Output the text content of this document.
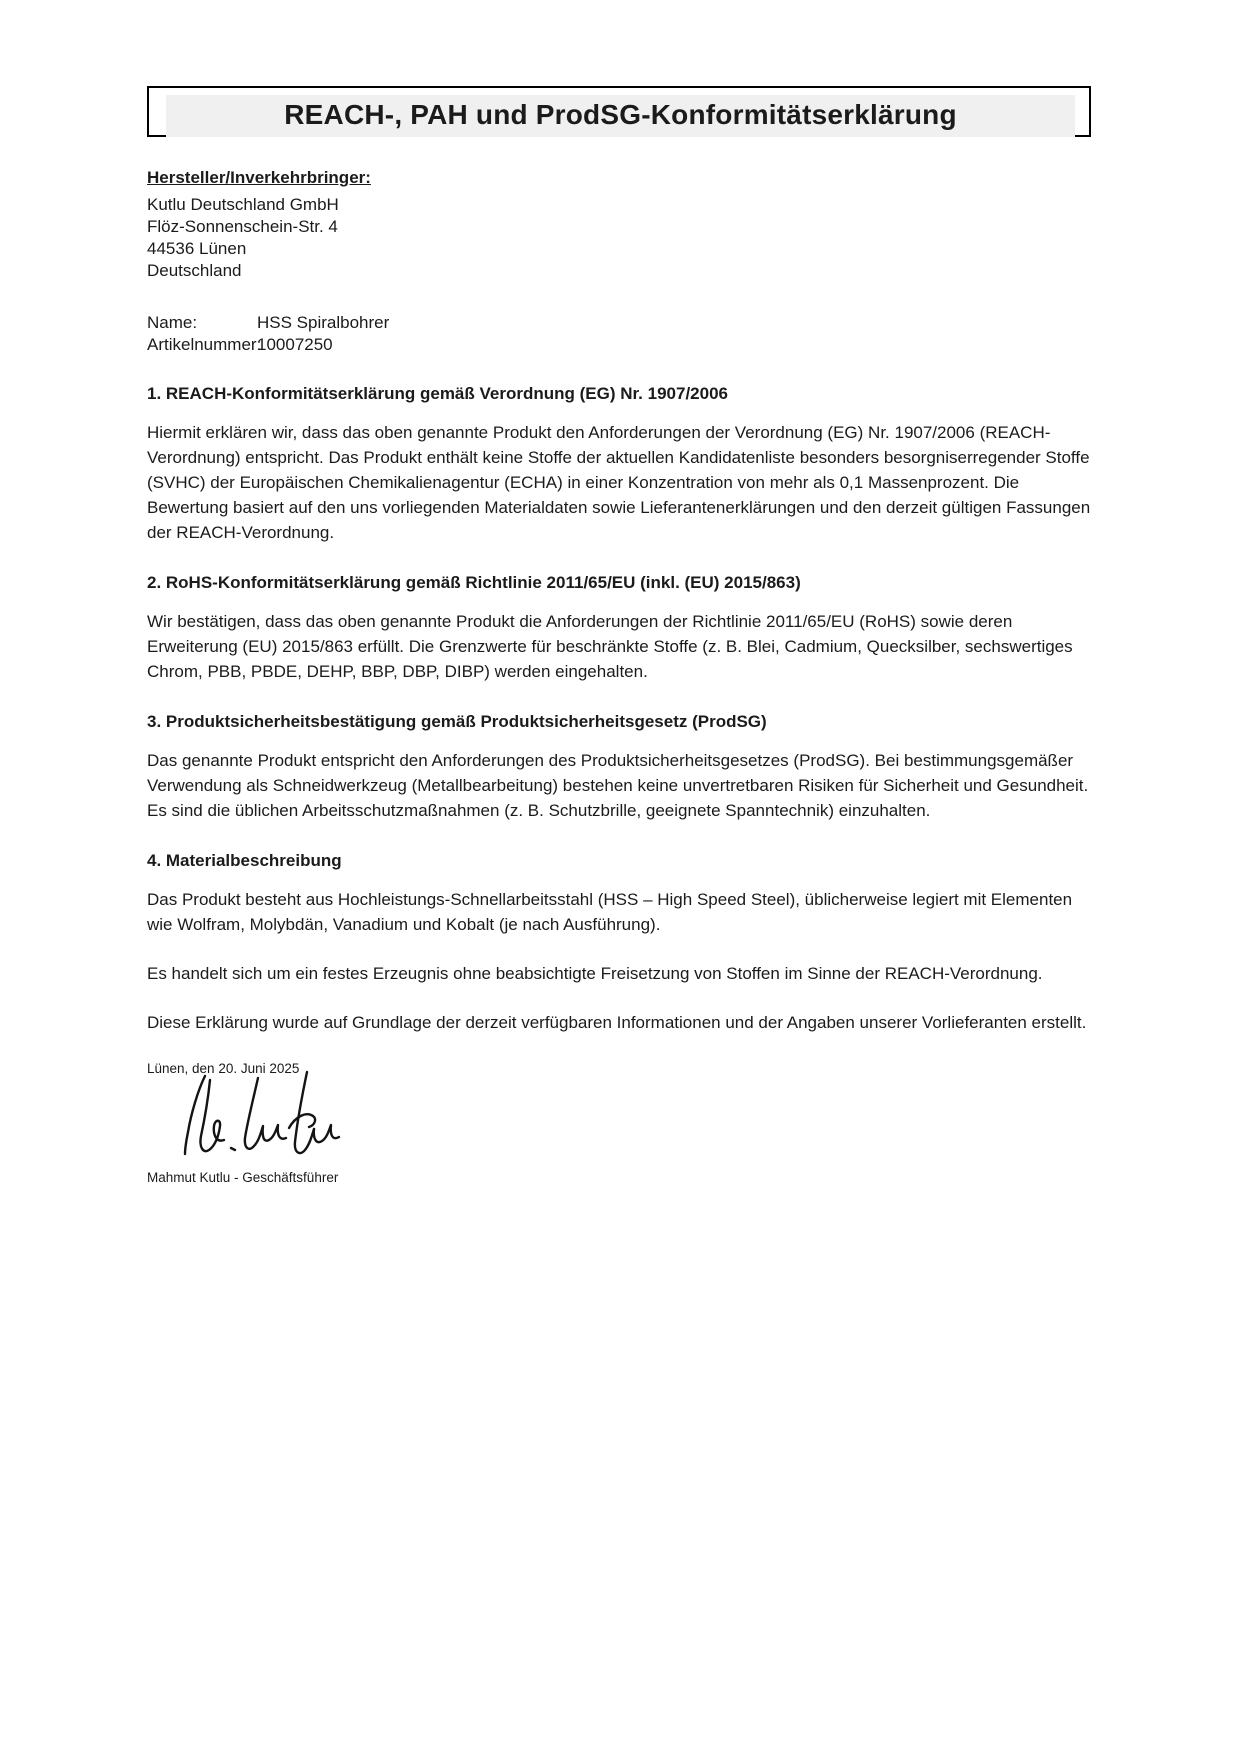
REACH-, PAH und ProdSG-Konformitätserklärung
Hersteller/Inverkehrbringer:
Kutlu Deutschland GmbH
Flöz-Sonnenschein-Str. 4
44536 Lünen
Deutschland
Name:	HSS Spiralbohrer
Artikelnummer:
10007250
1. REACH-Konformitätserklärung gemäß Verordnung (EG) Nr. 1907/2006

Hiermit erklären wir, dass das oben genannte Produkt den Anforderungen der Verordnung (EG) Nr. 1907/2006 (REACH-Verordnung) entspricht. Das Produkt enthält keine Stoffe der aktuellen Kandidatenliste besonders besorgniserregender Stoffe (SVHC) der Europäischen Chemikalienagentur (ECHA) in einer Konzentration von mehr als 0,1 Massenprozent. Die Bewertung basiert auf den uns vorliegenden Materialdaten sowie Lieferantenerklärungen und den derzeit gültigen Fassungen der REACH-Verordnung.

2. RoHS-Konformitätserklärung gemäß Richtlinie 2011/65/EU (inkl. (EU) 2015/863)

Wir bestätigen, dass das oben genannte Produkt die Anforderungen der Richtlinie 2011/65/EU (RoHS) sowie deren Erweiterung (EU) 2015/863 erfüllt. Die Grenzwerte für beschränkte Stoffe (z. B. Blei, Cadmium, Quecksilber, sechswertiges Chrom, PBB, PBDE, DEHP, BBP, DBP, DIBP) werden eingehalten.

3. Produktsicherheitsbestätigung gemäß Produktsicherheitsgesetz (ProdSG)

Das genannte Produkt entspricht den Anforderungen des Produktsicherheitsgesetzes (ProdSG). Bei bestimmungsgemäßer Verwendung als Schneidwerkzeug (Metallbearbeitung) bestehen keine unvertretbaren Risiken für Sicherheit und Gesundheit. Es sind die üblichen Arbeitsschutzmaßnahmen (z. B. Schutzbrille, geeignete Spanntechnik) einzuhalten.

4. Materialbeschreibung

Das Produkt besteht aus Hochleistungs-Schnellarbeitsstahl (HSS – High Speed Steel), üblicherweise legiert mit Elementen wie Wolfram, Molybdän, Vanadium und Kobalt (je nach Ausführung).

Es handelt sich um ein festes Erzeugnis ohne beabsichtigte Freisetzung von Stoffen im Sinne der REACH-Verordnung.

Diese Erklärung wurde auf Grundlage der derzeit verfügbaren Informationen und der Angaben unserer Vorlieferanten erstellt.

Lünen, den 20. Juni 2025
Mahmut Kutlu - Geschäftsführer
